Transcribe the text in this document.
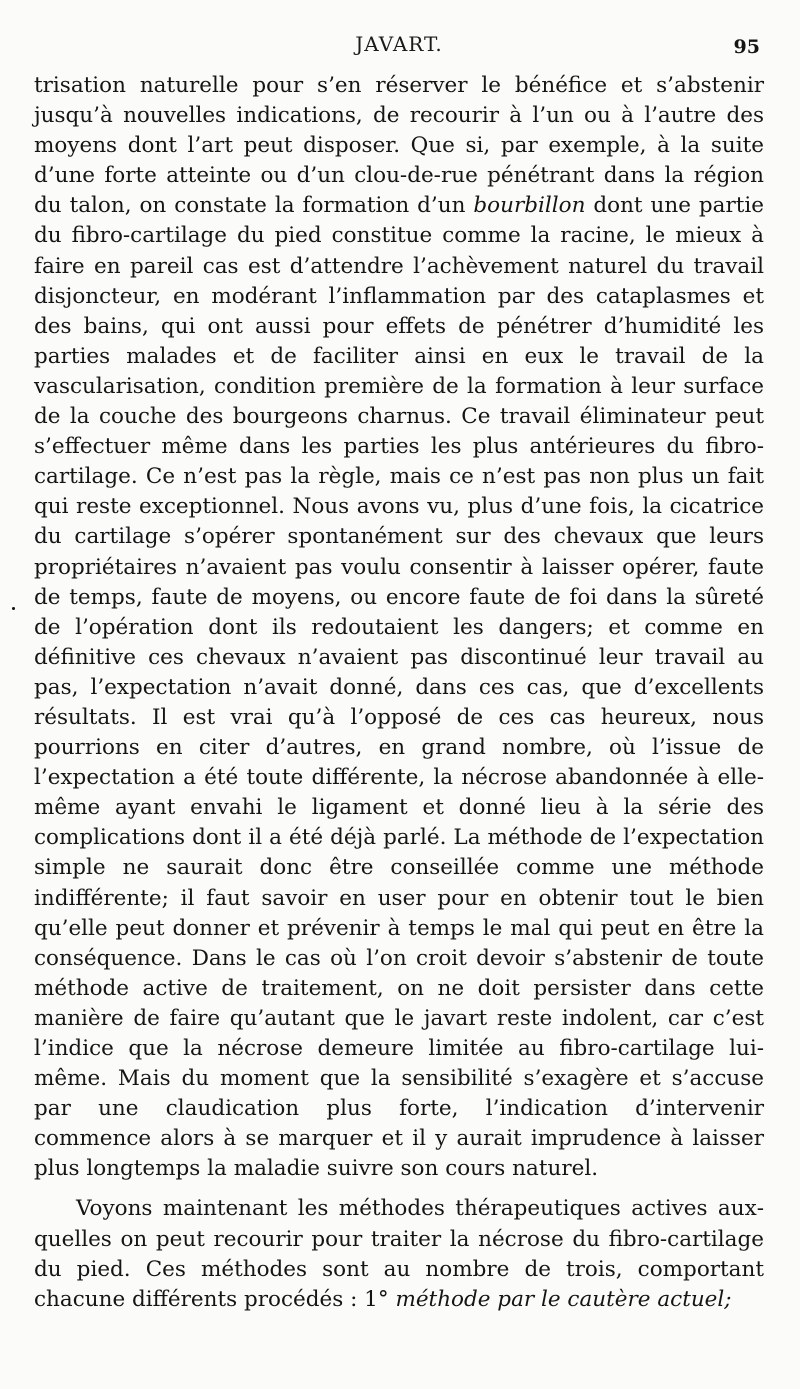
JAVART.	95

trisation naturelle pour s’en réserver le bénéfice et s’abstenir jusqu’à nouvelles indications, de recourir à l’un ou à l’autre des moyens dont l’art peut disposer. Que si, par exemple, à la suite d’une forte atteinte ou d’un clou-de-rue pénétrant dans la région du talon, on constate la formation d’un bourbillon dont une partie du fibro-cartilage du pied constitue comme la racine, le mieux à faire en pareil cas est d’attendre l’achèvement naturel du travail disjoncteur, en modérant l’inflammation par des cataplasmes et des bains, qui ont aussi pour effets de pénétrer d’humidité les parties malades et de faciliter ainsi en eux le travail de la vascularisation, condition première de la formation à leur surface de la couche des bourgeons charnus. Ce travail éliminateur peut s’effectuer même dans les parties les plus antérieures du fibro-cartilage. Ce n’est pas la règle, mais ce n’est pas non plus un fait qui reste exceptionnel. Nous avons vu, plus d’une fois, la cicatrice du cartilage s’opérer spontanément sur des chevaux que leurs propriétaires n’avaient pas voulu consentir à laisser opérer, faute de temps, faute de moyens, ou encore faute de foi dans la sûreté de l’opération dont ils redoutaient les dangers; et comme en définitive ces chevaux n’avaient pas discontinué leur travail au pas, l’expectation n’avait donné, dans ces cas, que d’excellents résultats. Il est vrai qu’à l’opposé de ces cas heureux, nous pourrions en citer d’autres, en grand nombre, où l’issue de l’expectation a été toute différente, la nécrose abandonnée à elle-même ayant envahi le ligament et donné lieu à la série des complications dont il a été déjà parlé. La méthode de l’expectation simple ne saurait donc être conseillée comme une méthode indifférente; il faut savoir en user pour en obtenir tout le bien qu’elle peut donner et prévenir à temps le mal qui peut en être la conséquence. Dans le cas où l’on croit devoir s’abstenir de toute méthode active de traitement, on ne doit persister dans cette manière de faire qu’autant que le javart reste indolent, car c’est l’indice que la nécrose demeure limitée au fibro-cartilage lui-même. Mais du moment que la sensibilité s’exagère et s’accuse par une claudication plus forte, l’indication d’intervenir commence alors à se marquer et il y aurait imprudence à laisser plus longtemps la maladie suivre son cours naturel.

Voyons maintenant les méthodes thérapeutiques actives auxquelles on peut recourir pour traiter la nécrose du fibro-cartilage du pied. Ces méthodes sont au nombre de trois, comportant chacune différents procédés : 1° méthode par le cautère actuel;
